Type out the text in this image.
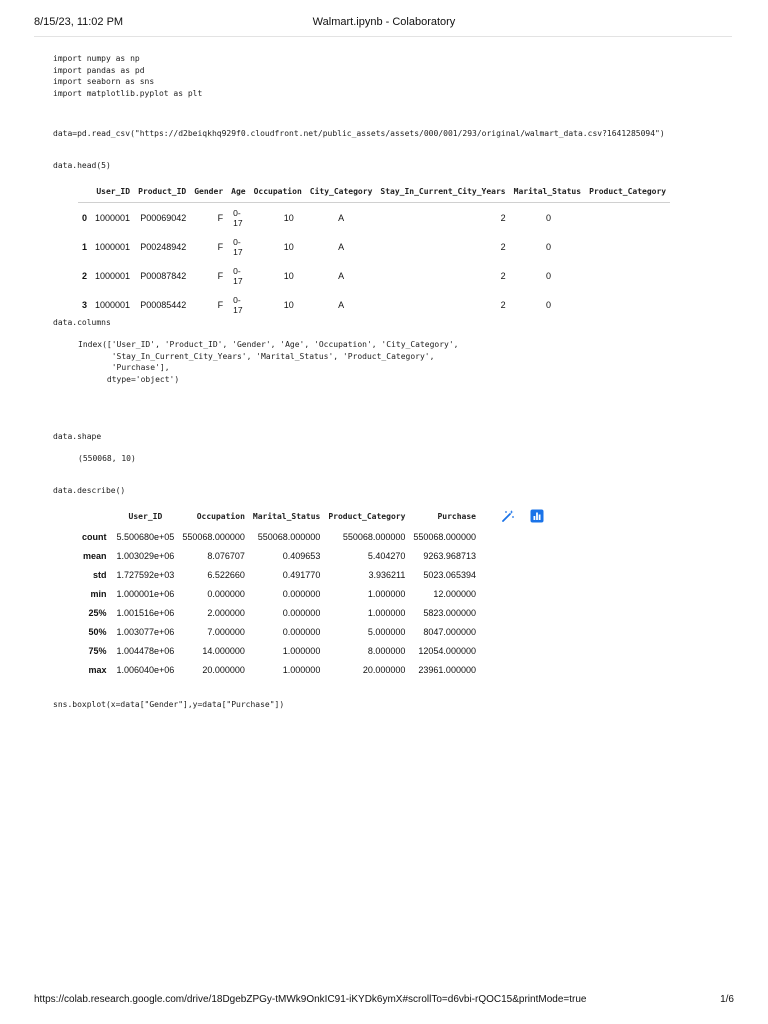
8/15/23, 11:02 PM	Walmart.ipynb - Colaboratory
import numpy as np
import pandas as pd
import seaborn as sns
import matplotlib.pyplot as plt
data=pd.read_csv("https://d2beiqkhq929f0.cloudfront.net/public_assets/assets/000/001/293/original/walmart_data.csv?1641285094")
data.head(5)
	User_ID	Product_ID	Gender	Age	Occupation	City_Category	Stay_In_Current_City_Years	Marital_Status	Product_Category
0	1000001	P00069042	F	0-17	10	A	2	0	
1	1000001	P00248942	F	0-17	10	A	2	0	
2	1000001	P00087842	F	0-17	10	A	2	0	
3	1000001	P00085442	F	0-17	10	A	2	0	
data.columns
Index(['User_ID', 'Product_ID', 'Gender', 'Age', 'Occupation', 'City_Category',
'Stay_In_Current_City_Years', 'Marital_Status', 'Product_Category',
'Purchase'],
dtype='object')
data.shape
(550068, 10)
data.describe()
	User_ID	Occupation	Marital_Status	Product_Category	Purchase
count	5.500680e+05	550068.000000	550068.000000	550068.000000	550068.000000
mean	1.003029e+06	8.076707	0.409653	5.404270	9263.968713
std	1.727592e+03	6.522660	0.491770	3.936211	5023.065394
min	1.000001e+06	0.000000	0.000000	1.000000	12.000000
25%	1.001516e+06	2.000000	0.000000	1.000000	5823.000000
50%	1.003077e+06	7.000000	0.000000	5.000000	8047.000000
75%	1.004478e+06	14.000000	1.000000	8.000000	12054.000000
max	1.006040e+06	20.000000	1.000000	20.000000	23961.000000
sns.boxplot(x=data["Gender"],y=data["Purchase"])
https://colab.research.google.com/drive/18DgebZPGy-tMWk9OnkIC91-iKYDk6ymX#scrollTo=d6vbi-rQOC15&printMode=true	1/6
